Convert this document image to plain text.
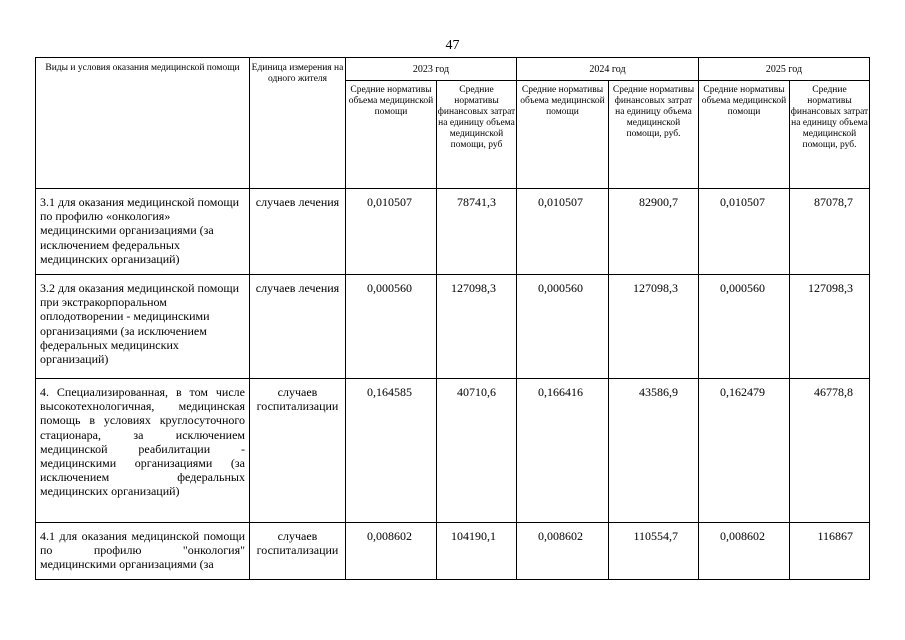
47
Виды и условия оказания медицинской помощи	Единица измерения на одного жителя	2023 год		2024 год		2025 год	
		Средние нормативы объема медицинской помощи	Средние нормативы финансовых затрат на единицу объема медицинской помощи, руб	Средние нормативы объема медицинской помощи	Средние нормативы финансовых затрат на единицу объема медицинской помощи, руб.	Средние нормативы объема медицинской помощи	Средние нормативы финансовых затрат на единицу объема медицинской помощи, руб.
3.1 для оказания медицинской помощи по профилю «онкология» медицинскими организациями (за исключением федеральных медицинских организаций)	случаев лечения	0,010507	78741,3	0,010507	82900,7	0,010507	87078,7
3.2 для оказания медицинской помощи при экстракорпоральном оплодотворении - медицинскими организациями (за исключением федеральных медицинских организаций)	случаев лечения	0,000560	127098,3	0,000560	127098,3	0,000560	127098,3
4. Специализированная, в том числе высокотехнологичная, медицинская помощь в условиях круглосуточного стационара, за исключением медицинской реабилитации - медицинскими организациями (за исключением федеральных медицинских организаций)	случаев госпитализации	0,164585	40710,6	0,166416	43586,9	0,162479	46778,8
4.1 для оказания медицинской помощи по профилю "онкология" медицинскими организациями (за	случаев госпитализации	0,008602	104190,1	0,008602	110554,7	0,008602	116867
